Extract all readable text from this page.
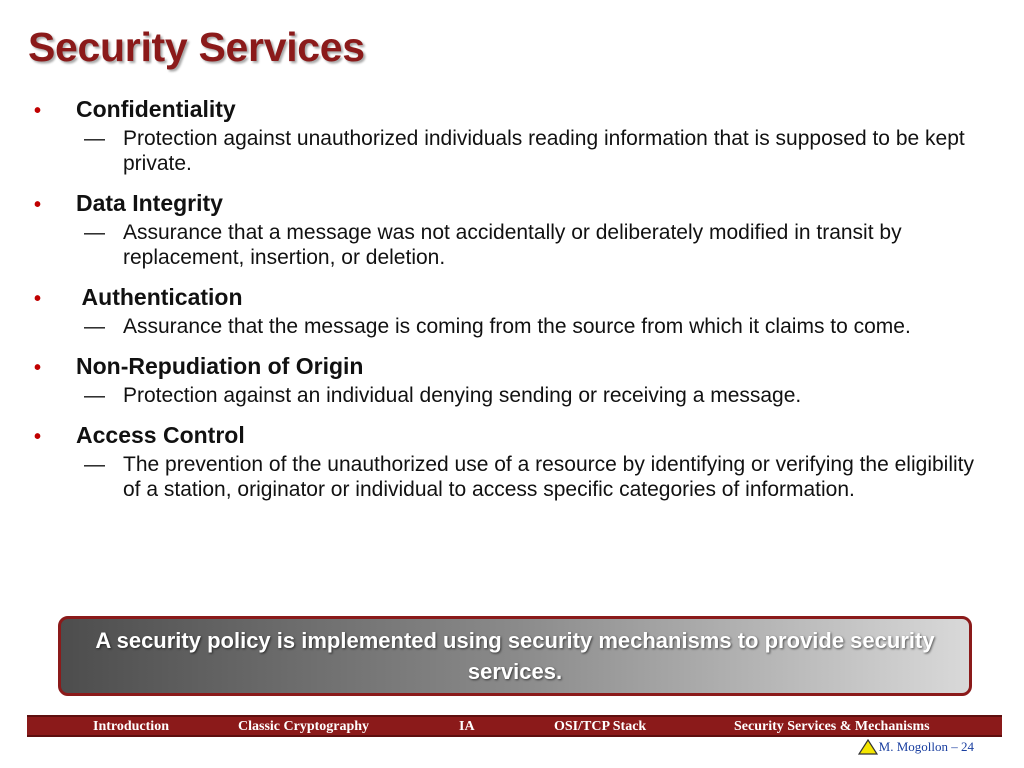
Security Services
•	Confidentiality
— Protection against unauthorized individuals reading information that is supposed to be kept private.
•	Data Integrity
— Assurance that a message was not accidentally or deliberately modified in transit by replacement, insertion, or deletion.
•	Authentication
— Assurance that the message is coming from the source from which it claims to come.
•	Non-Repudiation of Origin
— Protection against an individual denying sending or receiving a message.
•	Access Control
— The prevention of the unauthorized use of a resource by identifying or verifying the eligibility of a station, originator or individual to access specific categories of information.
A security policy is implemented using security mechanisms to provide security services.
Introduction	Classic Cryptography	IA	OSI/TCP Stack	Security Services & Mechanisms
M. Mogollon – 24
